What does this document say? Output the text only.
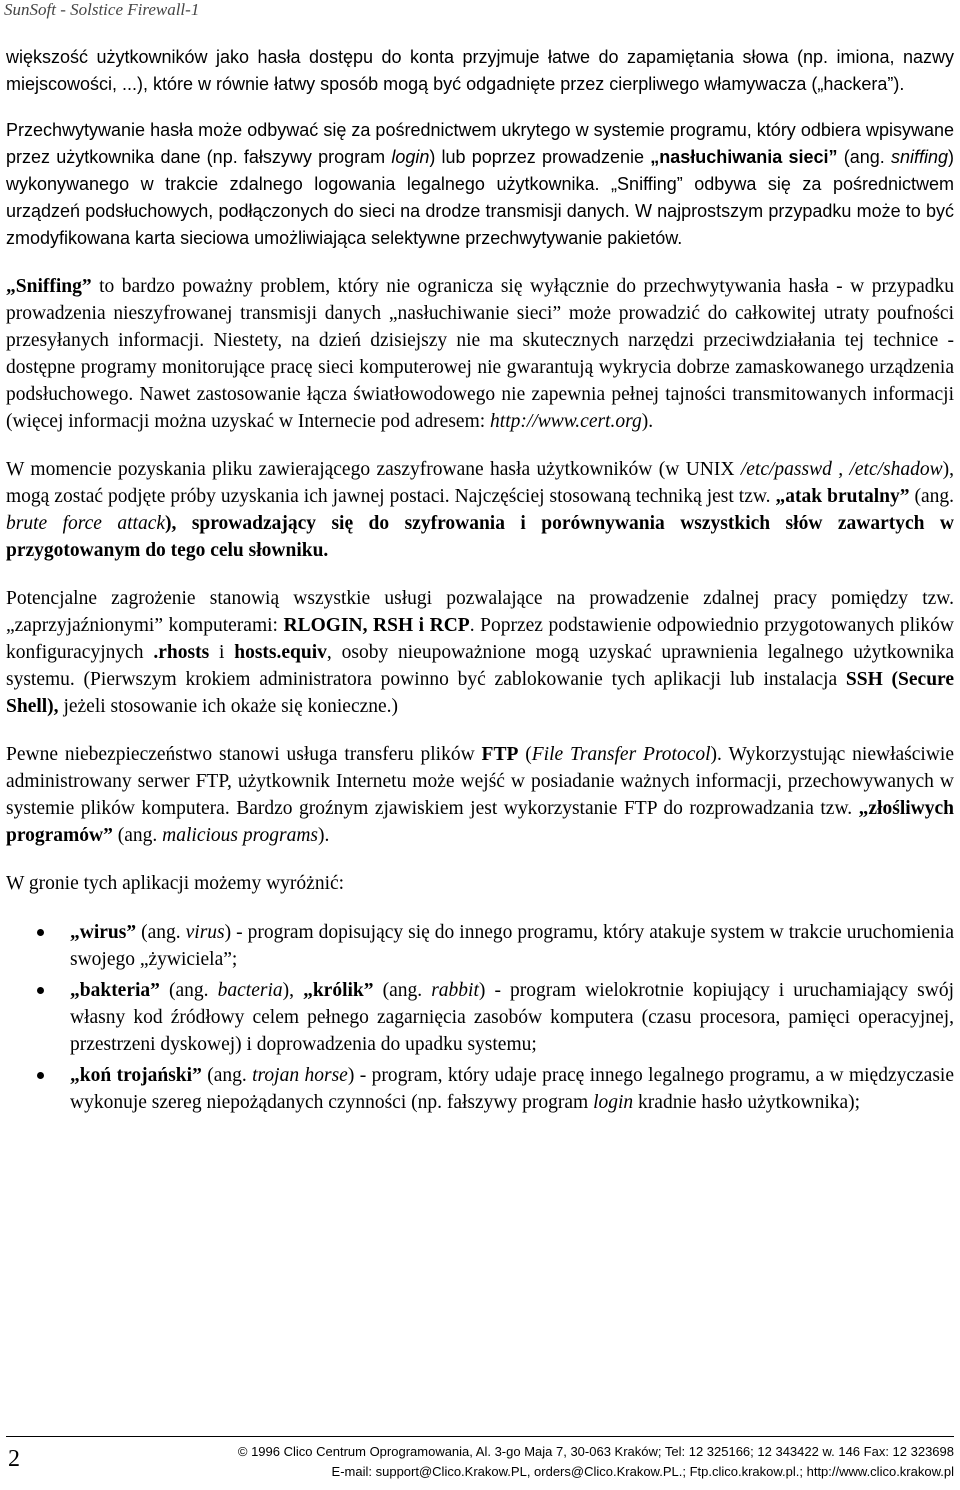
SunSoft - Solstice Firewall-1

większość użytkowników jako hasła dostępu do konta przyjmuje łatwe do zapamiętania słowa (np. imiona, nazwy miejscowości, ...), które w równie łatwy sposób mogą być odgadnięte przez cierpliwego włamywacza („hackera”).

Przechwytywanie hasła może odbywać się za pośrednictwem ukrytego w systemie programu, który odbiera wpisywane przez użytkownika dane (np. fałszywy program login) lub poprzez prowadzenie „nasłuchiwania sieci” (ang. sniffing) wykonywanego w trakcie zdalnego logowania legalnego użytkownika. „Sniffing” odbywa się za pośrednictwem urządzeń podsłuchowych, podłączonych do sieci na drodze transmisji danych. W najprostszym przypadku może to być zmodyfikowana karta sieciowa umożliwiająca selektywne przechwytywanie pakietów.

„Sniffing” to bardzo poważny problem, który nie ogranicza się wyłącznie do przechwytywania hasła - w przypadku prowadzenia nieszyfrowanej transmisji danych „nasłuchiwanie sieci” może prowadzić do całkowitej utraty poufności przesyłanych informacji. Niestety, na dzień dzisiejszy nie ma skutecznych narzędzi przeciwdziałania tej technice - dostępne programy monitorujące pracę sieci komputerowej nie gwarantują wykrycia dobrze zamaskowanego urządzenia podsłuchowego. Nawet zastosowanie łącza światłowodowego nie zapewnia pełnej tajności transmitowanych informacji (więcej informacji można uzyskać w Internecie pod adresem: http://www.cert.org).

W momencie pozyskania pliku zawierającego zaszyfrowane hasła użytkowników (w UNIX /etc/passwd , /etc/shadow), mogą zostać podjęte próby uzyskania ich jawnej postaci. Najczęściej stosowaną techniką jest tzw. „atak brutalny” (ang. brute force attack), sprowadzający się do szyfrowania i porównywania wszystkich słów zawartych w przygotowanym do tego celu słowniku.

Potencjalne zagrożenie stanowią wszystkie usługi pozwalające na prowadzenie zdalnej pracy pomiędzy tzw. „zaprzyjaźnionymi” komputerami: RLOGIN, RSH i RCP. Poprzez podstawienie odpowiednio przygotowanych plików konfiguracyjnych .rhosts i hosts.equiv, osoby nieupoważnione mogą uzyskać uprawnienia legalnego użytkownika systemu. (Pierwszym krokiem administratora powinno być zablokowanie tych aplikacji lub instalacja SSH (Secure Shell), jeżeli stosowanie ich okaże się konieczne.)

Pewne niebezpieczeństwo stanowi usługa transferu plików FTP (File Transfer Protocol). Wykorzystując niewłaściwie administrowany serwer FTP, użytkownik Internetu może wejść w posiadanie ważnych informacji, przechowywanych w systemie plików komputera. Bardzo groźnym zjawiskiem jest wykorzystanie FTP do rozprowadzania tzw. „złośliwych programów” (ang. malicious programs).

W gronie tych aplikacji możemy wyróżnić:

„wirus” (ang. virus) - program dopisujący się do innego programu, który atakuje system w trakcie uruchomienia swojego „żywiciela”;
„bakteria” (ang. bacteria), „królik” (ang. rabbit) - program wielokrotnie kopiujący i uruchamiający swój własny kod źródłowy celem pełnego zagarnięcia zasobów komputera (czasu procesora, pamięci operacyjnej, przestrzeni dyskowej) i doprowadzenia do upadku systemu;
„koń trojański” (ang. trojan horse) - program, który udaje pracę innego legalnego programu, a w międzyczasie wykonuje szereg niepożądanych czynności (np. fałszywy program login kradnie hasło użytkownika);
2	© 1996 Clico Centrum Oprogramowania, Al. 3-go Maja 7, 30-063 Kraków; Tel: 12 325166; 12 343422 w. 146 Fax: 12 323698
E-mail: support@Clico.Krakow.PL, orders@Clico.Krakow.PL.; Ftp.clico.krakow.pl.; http://www.clico.krakow.pl
